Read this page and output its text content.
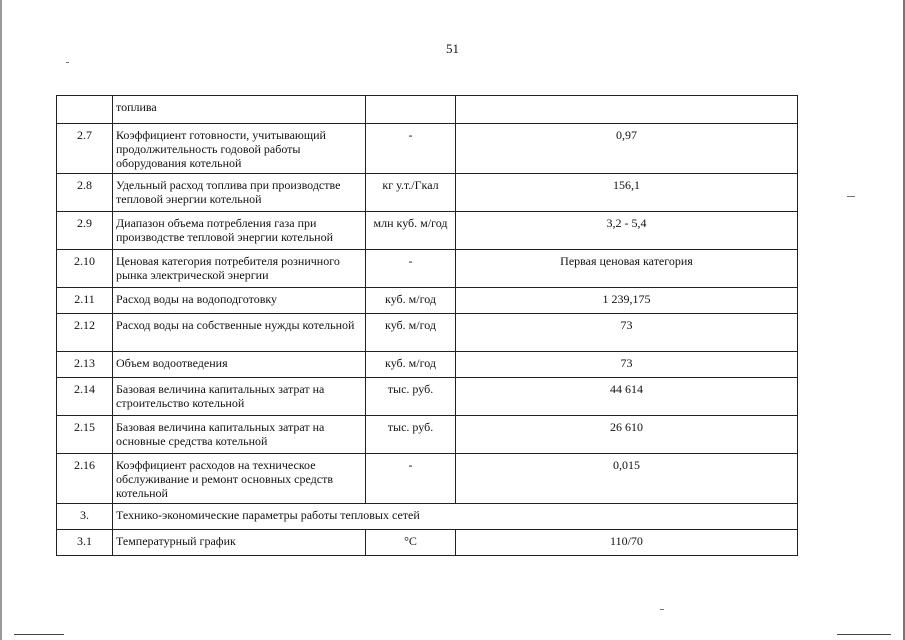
51
	топлива		
2.7	Коэффициент готовности, учитывающий продолжительность годовой работы оборудования котельной	-	0,97
2.8	Удельный расход топлива при производстве тепловой энергии котельной	кг у.т./Гкал	156,1
2.9	Диапазон объема потребления газа при производстве тепловой энергии котельной	млн куб. м/год	3,2 - 5,4
2.10	Ценовая категория потребителя розничного рынка электрической энергии	-	Первая ценовая категория
2.11	Расход воды на водоподготовку	куб. м/год	1 239,175
2.12	Расход воды на собственные нужды котельной	куб. м/год	73
2.13	Объем водоотведения	куб. м/год	73
2.14	Базовая величина капитальных затрат на строительство котельной	тыс. руб.	44 614
2.15	Базовая величина капитальных затрат на основные средства котельной	тыс. руб.	26 610
2.16	Коэффициент расходов на техническое обслуживание и ремонт основных средств котельной	-	0,015
3.	Технико-экономические параметры работы тепловых сетей		
3.1	Температурный график	°С	110/70
